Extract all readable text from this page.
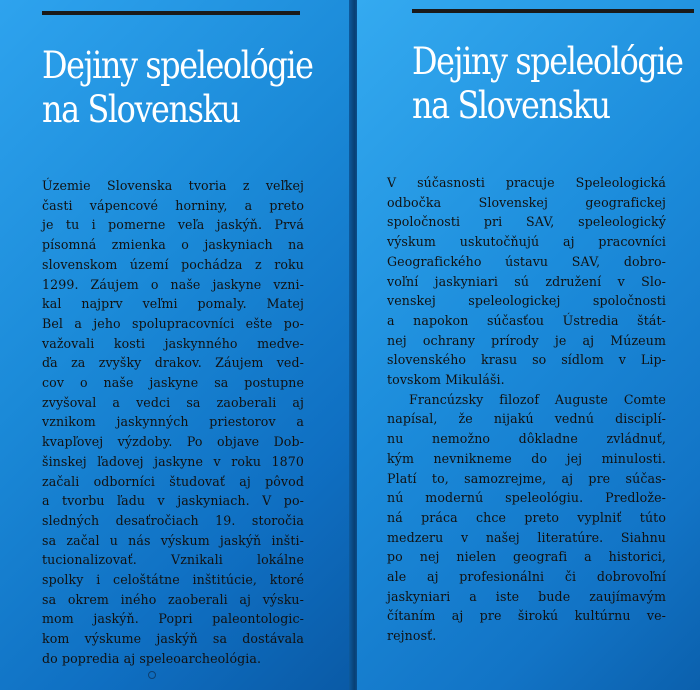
Dejiny speleológie
na Slovensku
Územie Slovenska tvoria z veľkej
časti vápencové horniny, a preto
je tu i pomerne veľa jaskýň. Prvá
písomná zmienka o jaskyniach na
slovenskom území pochádza z roku
1299. Záujem o naše jaskyne vzni-
kal najprv veľmi pomaly. Matej
Bel a jeho spolupracovníci ešte po-
važovali kosti jaskynného medve-
ďa za zvyšky drakov. Záujem ved-
cov o naše jaskyne sa postupne
zvyšoval a vedci sa zaoberali aj
vznikom jaskynných priestorov a
kvapľovej výzdoby. Po objave Dob-
šinskej ľadovej jaskyne v roku 1870
začali odborníci študovať aj pôvod
a tvorbu ľadu v jaskyniach. V po-
sledných desaťročiach 19. storočia
sa začal u nás výskum jaskýň inšti-
tucionalizovať. Vznikali lokálne
spolky i celoštátne inštitúcie, ktoré
sa okrem iného zaoberali aj výsku-
mom jaskýň. Popri paleontologic-
kom výskume jaskýň sa dostávala
do popredia aj speleoarcheológia.
Dejiny speleológie
na Slovensku
V súčasnosti pracuje Speleologická
odbočka Slovenskej geografickej
spoločnosti pri SAV, speleologický
výskum uskutočňujú aj pracovníci
Geografického ústavu SAV, dobro-
voľní jaskyniari sú združení v Slo-
venskej speleologickej spoločnosti
a napokon súčasťou Ústredia štát-
nej ochrany prírody je aj Múzeum
slovenského krasu so sídlom v Lip-
tovskom Mikuláši.
Francúzsky filozof Auguste Comte
napísal, že nijakú vednú disciplí-
nu nemožno dôkladne zvládnuť,
kým nevnikneme do jej minulosti.
Platí to, samozrejme, aj pre súčas-
nú modernú speleológiu. Predlože-
ná práca chce preto vyplniť túto
medzeru v našej literatúre. Siahnu
po nej nielen geografi a historici,
ale aj profesionálni či dobrovoľní
jaskyniari a iste bude zaujímavým
čítaním aj pre širokú kultúrnu ve-
rejnosť.
